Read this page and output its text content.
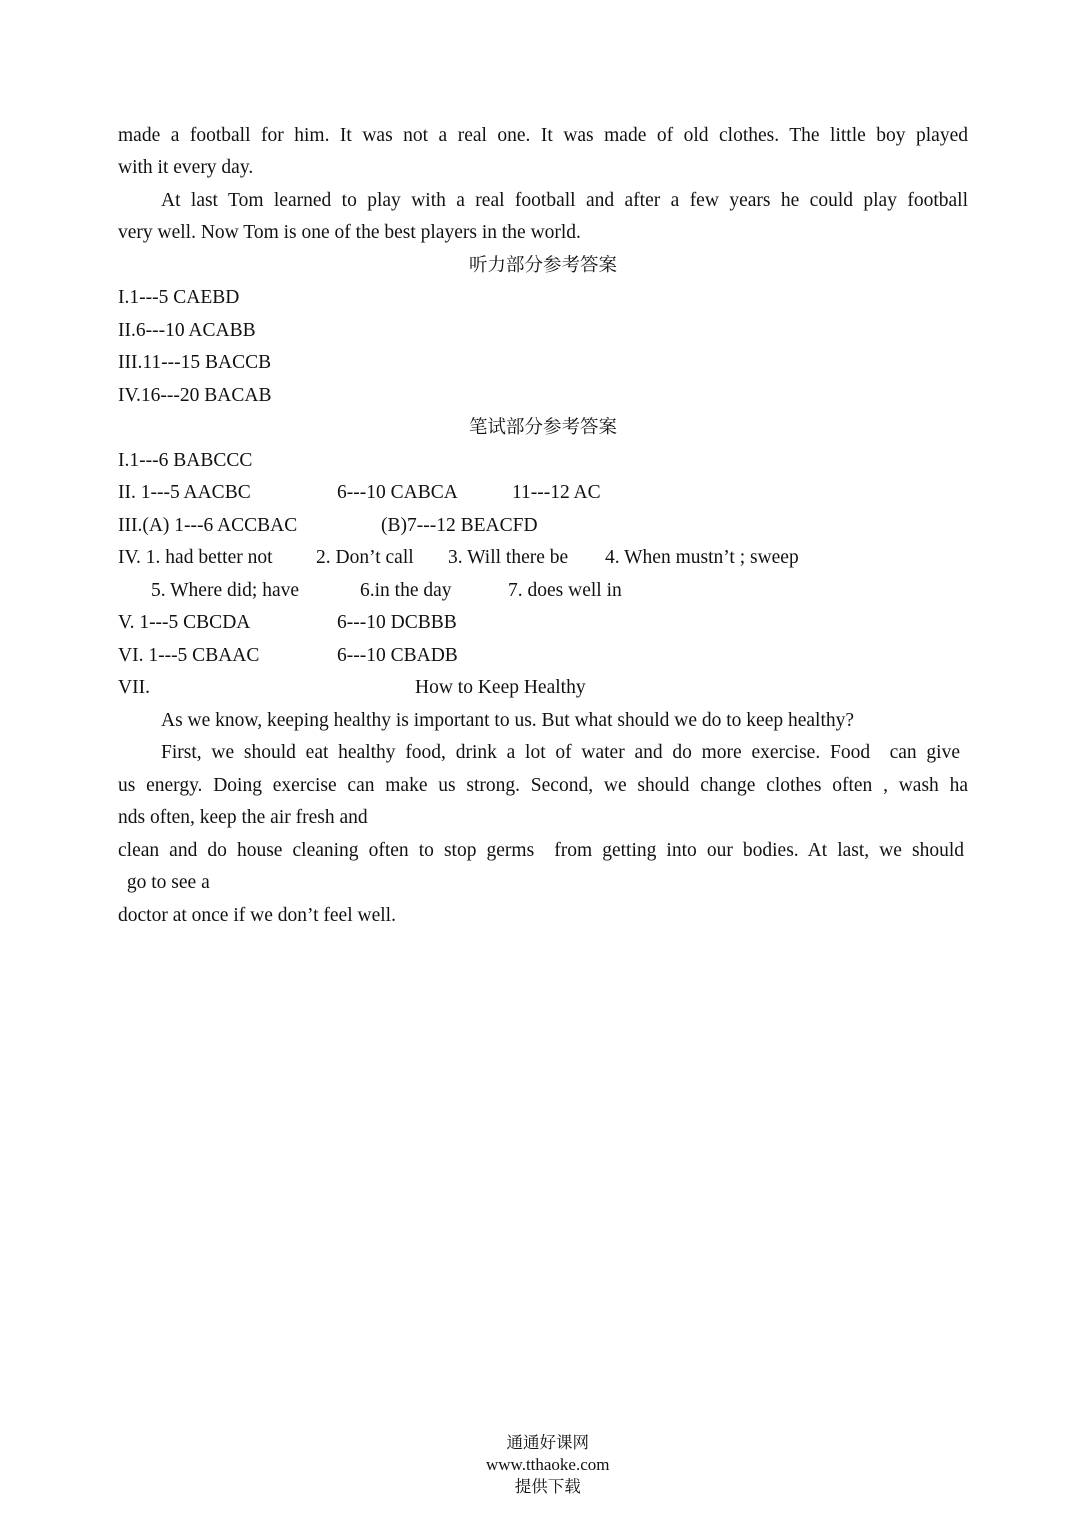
made a football for him. It was not a real one. It was made of old clothes. The little boy played
with it every day.
At last Tom learned to play with a real football and after a few years he could play football
very well. Now Tom is one of the best players in the world.
听力部分参考答案
I.1---5 CAEBD
II.6---10 ACABB
III.11---15 BACCB
IV.16---20 BACAB
笔试部分参考答案
I.1---6 BABCCC
II. 1---5 AACBC	6---10 CABCA	11---12 AC
III.(A) 1---6 ACCBAC	(B)7---12 BEACFD
IV. 1. had better not 2. Don’t call 3. Will there be 4. When mustn’t ; sweep
5. Where did; have	6.in the day	7. does well in
V. 1---5 CBCDA	6---10 DCBBB
VI. 1---5 CBAAC	6---10 CBADB
VII.	How to Keep Healthy
As we know, keeping healthy is important to us. But what should we do to keep healthy?
First, we should eat healthy food, drink a lot of water and do more exercise. Food  can give
us energy. Doing exercise can make us strong. Second, we should change clothes often , wash ha
nds often, keep the air fresh and
clean and do house cleaning often to stop germs  from getting into our bodies. At last, we should
go to see a
doctor at once if we don’t feel well.

通通好课网
www.tthaoke.com
提供下载
